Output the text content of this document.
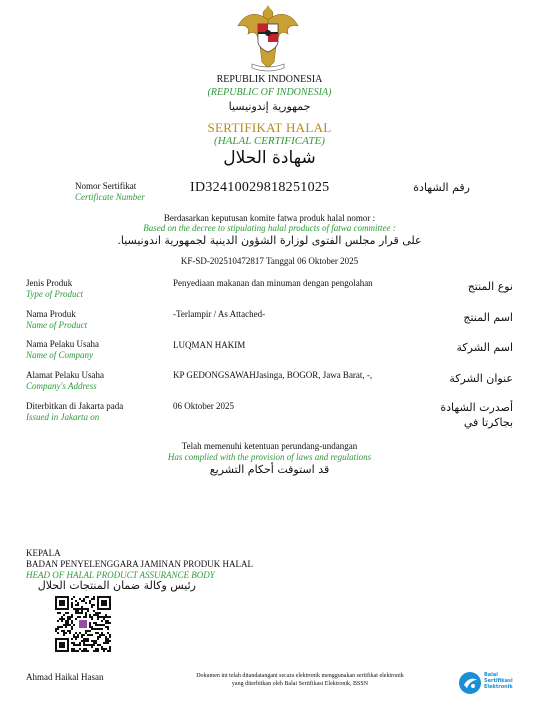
REPUBLIK INDONESIA
(REPUBLIC OF INDONESIA)
جمهورية إندونيسيا
SERTIFIKAT HALAL
(HALAL CERTIFICATE)
شهادة الحلال
Nomor Sertifikat
Certificate Number
ID32410029818251025	رقم الشهادة
Berdasarkan keputusan komite fatwa produk halal nomor :
Based on the decree to stipulating halal products of fatwa committee :
على قرار مجلس الفتوى لوزارة الشؤون الدينية لجمهورية اندونيسيا.
KF-SD-202510472817 Tanggal 06 Oktober 2025
Jenis Produk
Type of Product
Penyediaan makanan dan minuman dengan pengolahan	نوع المنتج
Nama Produk
Name of Product
-Terlampir / As Attached-	اسم المنتج
Nama Pelaku Usaha
Name of Company
LUQMAN HAKIM	اسم الشركة
Alamat Pelaku Usaha
Company's Address
KP GEDONGSAWAHJasinga, BOGOR, Jawa Barat, -,	عنوان الشركة
Diterbitkan di Jakarta pada
Issued in Jakarta on
06 Oktober 2025	أصدرت الشهادة بجاكرتا في
Telah memenuhi ketentuan perundang-undangan
Has complied with the provision of laws and regulations
قد استوفت أحكام التشريع
KEPALA
BADAN PENYELENGGARA JAMINAN PRODUK HALAL
HEAD OF HALAL PRODUCT ASSURANCE BODY
رئيس وكالة ضمان المنتجات الحلال
Ahmad Haikal Hasan	Dokumen ini telah ditandatangani secara elektronik menggunakan sertifikat elektronik
yang diterbitkan oleh Balai Sertifikasi Elektronik, BSSN
Balai
Sertifikasi
Elektronik
